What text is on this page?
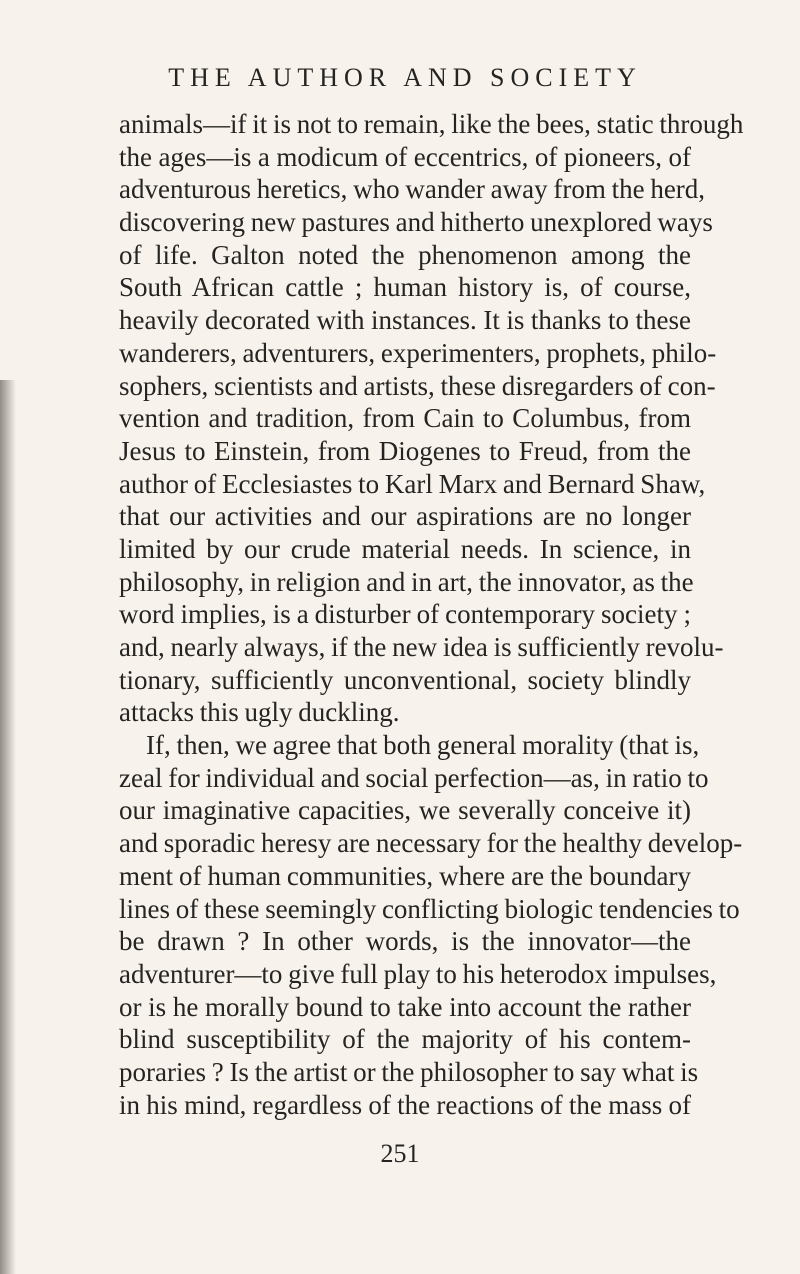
THE AUTHOR AND SOCIETY
animals—if it is not to remain, like the bees, static through
the ages—is a modicum of eccentrics, of pioneers, of
adventurous heretics, who wander away from the herd,
discovering new pastures and hitherto unexplored ways
of life. Galton noted the phenomenon among the
South African cattle ; human history is, of course,
heavily decorated with instances. It is thanks to these
wanderers, adventurers, experimenters, prophets, philo-
sophers, scientists and artists, these disregarders of con-
vention and tradition, from Cain to Columbus, from
Jesus to Einstein, from Diogenes to Freud, from the
author of Ecclesiastes to Karl Marx and Bernard Shaw,
that our activities and our aspirations are no longer
limited by our crude material needs. In science, in
philosophy, in religion and in art, the innovator, as the
word implies, is a disturber of contemporary society ;
and, nearly always, if the new idea is sufficiently revolu-
tionary, sufficiently unconventional, society blindly
attacks this ugly duckling.
If, then, we agree that both general morality (that is,
zeal for individual and social perfection—as, in ratio to
our imaginative capacities, we severally conceive it)
and sporadic heresy are necessary for the healthy develop-
ment of human communities, where are the boundary
lines of these seemingly conflicting biologic tendencies to
be drawn ? In other words, is the innovator—the
adventurer—to give full play to his heterodox impulses,
or is he morally bound to take into account the rather
blind susceptibility of the majority of his contem-
poraries ? Is the artist or the philosopher to say what is
in his mind, regardless of the reactions of the mass of
251
